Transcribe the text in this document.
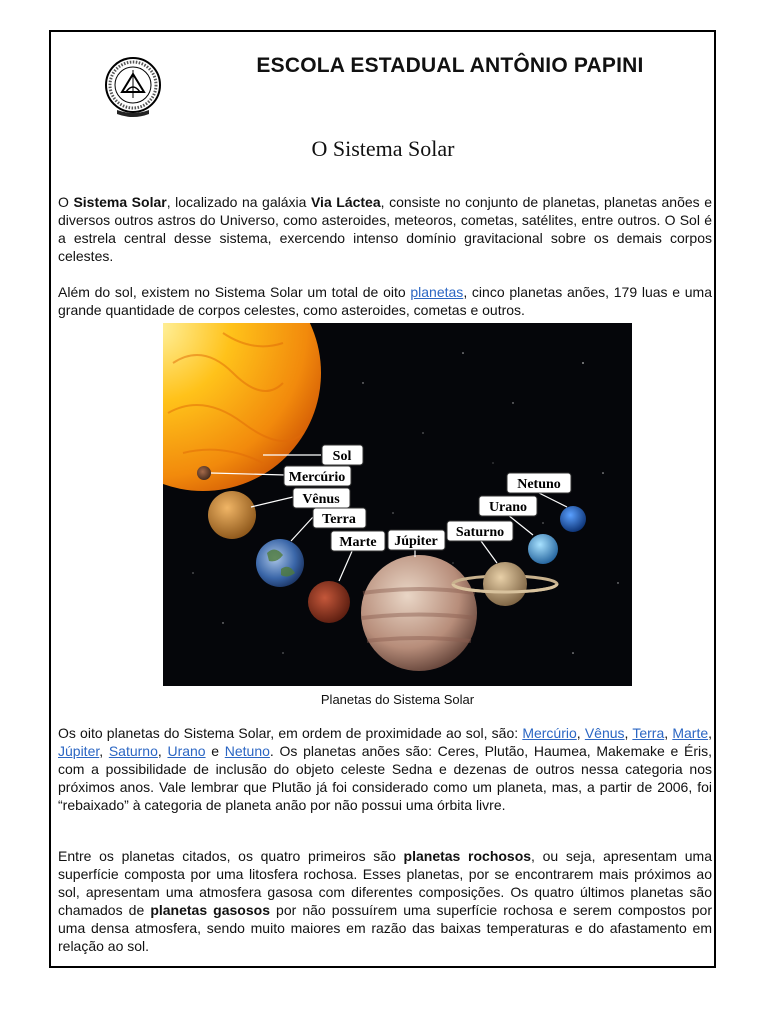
ESCOLA ESTADUAL ANTÔNIO PAPINI
O Sistema Solar

O Sistema Solar, localizado na galáxia Via Láctea, consiste no conjunto de planetas, planetas anões e diversos outros astros do Universo, como asteroides, meteoros, cometas, satélites, entre outros. O Sol é a estrela central desse sistema, exercendo intenso domínio gravitacional sobre os demais corpos celestes.

Além do sol, existem no Sistema Solar um total de oito planetas, cinco planetas anões, 179 luas e uma grande quantidade de corpos celestes, como asteroides, cometas e outros.

Sol
Mercúrio
Vênus
Terra
Marte Júpiter
Saturno
Urano
Netuno
Planetas do Sistema Solar

Os oito planetas do Sistema Solar, em ordem de proximidade ao sol, são: Mercúrio, Vênus, Terra, Marte, Júpiter, Saturno, Urano e Netuno. Os planetas anões são: Ceres, Plutão, Haumea, Makemake e Éris, com a possibilidade de inclusão do objeto celeste Sedna e dezenas de outros nessa categoria nos próximos anos. Vale lembrar que Plutão já foi considerado como um planeta, mas, a partir de 2006, foi “rebaixado” à categoria de planeta anão por não possui uma órbita livre.

Entre os planetas citados, os quatro primeiros são planetas rochosos, ou seja, apresentam uma superfície composta por uma litosfera rochosa. Esses planetas, por se encontrarem mais próximos ao sol, apresentam uma atmosfera gasosa com diferentes composições. Os quatro últimos planetas são chamados de planetas gasosos por não possuírem uma superfície rochosa e serem compostos por uma densa atmosfera, sendo muito maiores em razão das baixas temperaturas e do afastamento em relação ao sol.
